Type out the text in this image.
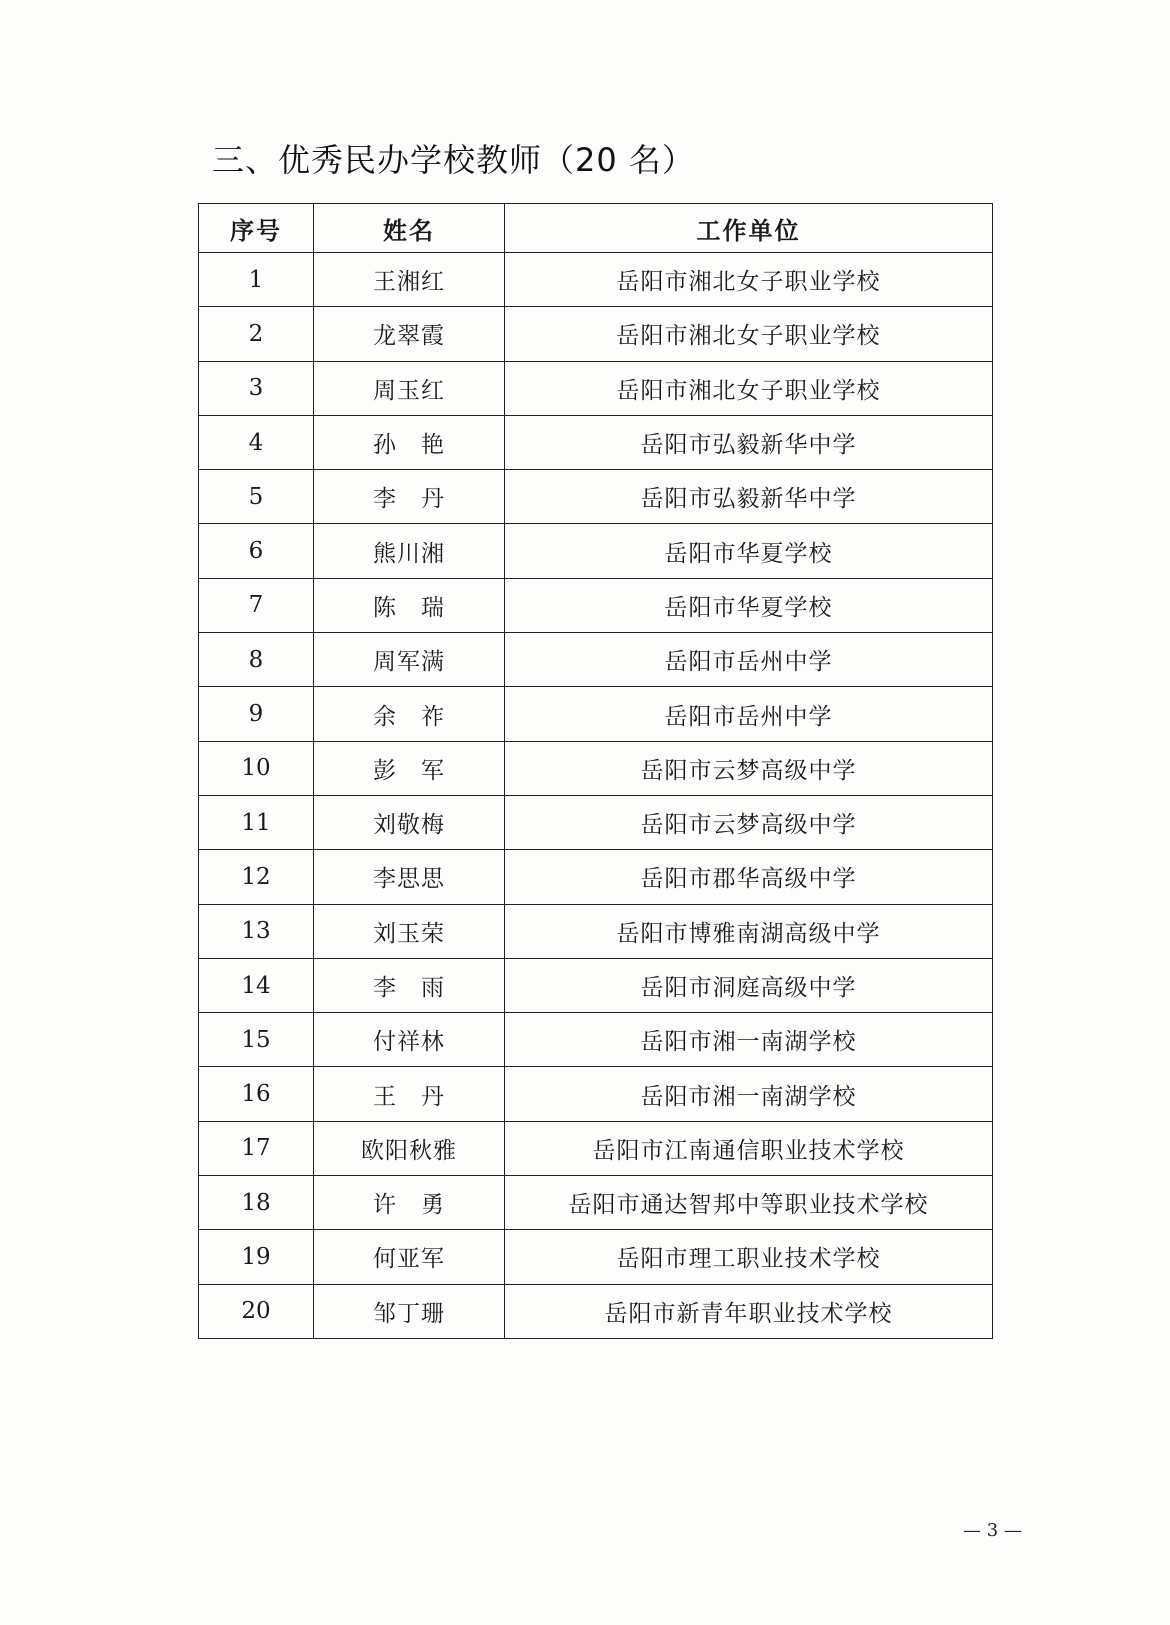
三、优秀民办学校教师（20 名）
序号	姓名	工作单位
1	王湘红	岳阳市湘北女子职业学校
2	龙翠霞	岳阳市湘北女子职业学校
3	周玉红	岳阳市湘北女子职业学校
4	孙　艳	岳阳市弘毅新华中学
5	李　丹	岳阳市弘毅新华中学
6	熊川湘	岳阳市华夏学校
7	陈　瑞	岳阳市华夏学校
8	周军满	岳阳市岳州中学
9	余　祚	岳阳市岳州中学
10	彭　军	岳阳市云梦高级中学
11	刘敬梅	岳阳市云梦高级中学
12	李思思	岳阳市郡华高级中学
13	刘玉荣	岳阳市博雅南湖高级中学
14	李　雨	岳阳市洞庭高级中学
15	付祥林	岳阳市湘一南湖学校
16	王　丹	岳阳市湘一南湖学校
17	欧阳秋雅	岳阳市江南通信职业技术学校
18	许　勇	岳阳市通达智邦中等职业技术学校
19	何亚军	岳阳市理工职业技术学校
20	邹丁珊	岳阳市新青年职业技术学校
— 3 —
